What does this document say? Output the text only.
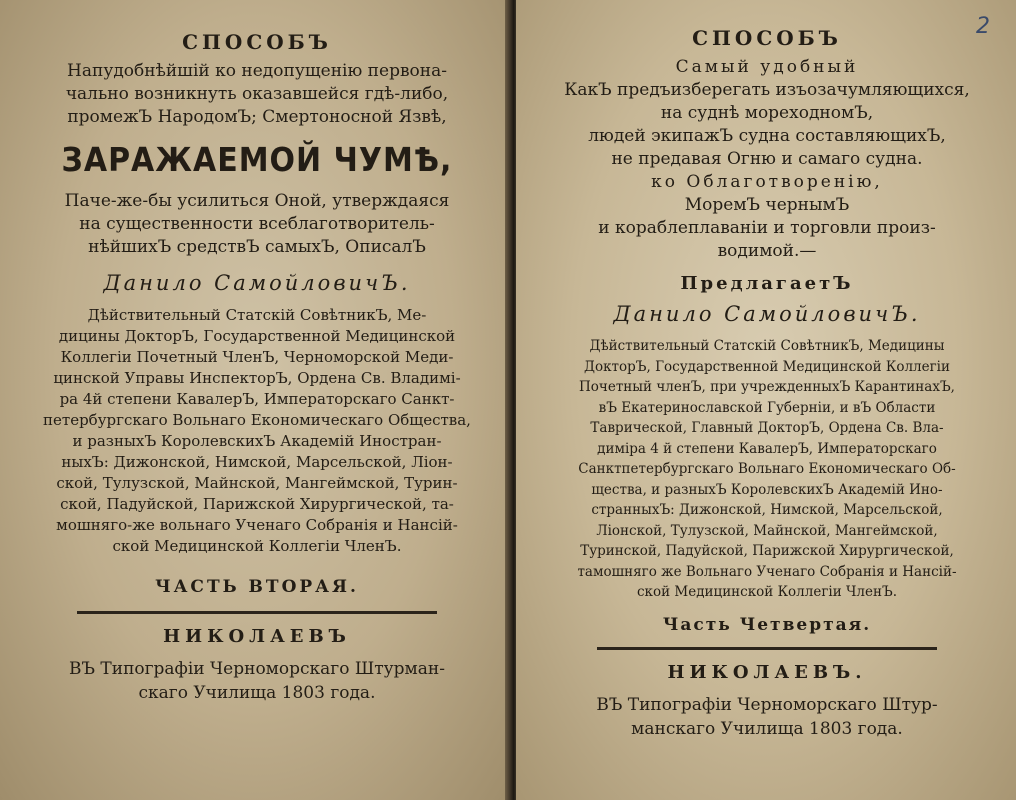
СПОСОБЪ
Напудобнѣйшій ко недопущенію первона-
чально возникнуть оказавшейся гдѣ-либо,
промежЪ НародомЪ; Смертоносной Язвѣ,
ЗАРАЖАЕМОЙ ЧУМѢ,
Паче-же-бы усилиться Оной, утверждаяся
на существенности всеблаготворитель-
нѣйшихЪ средствЪ самыхЪ, ОписалЪ
Данило СамойловичЪ.
Дѣйствительный Статскій СовѣтникЪ, Ме-
дицины ДокторЪ, Государственной Медицинской
Коллегіи Почетный ЧленЪ, Черноморской Меди-
цинской Управы ИнспекторЪ, Ордена Св. Владимі-
ра 4й степени КавалерЪ, Императорскаго Санкт-
петербургскаго Вольнаго Економическаго Общества,
и разныхЪ КоролевскихЪ Академій Иностран-
ныхЪ: Дижонской, Нимской, Марсельской, Ліон-
ской, Тулузской, Майнской, Мангеймской, Турин-
ской, Падуйской, Парижской Хирургической, та-
мошняго-же вольнаго Ученаго Собранія и Нансій-
ской Медицинской Коллегіи ЧленЪ.
ЧАСТЬ ВТОРАЯ.
НИКОЛАЕВЪ
ВЪ Типографіи Черноморскаго Штурман-
скаго Училища 1803 года.
2
СПОСОБЪ
Самый удобный
КакЪ предъизберегать изъозачумляющихся,
на суднѣ мореходномЪ,
людей экипажЪ судна составляющихЪ,
не предавая Огню и самаго судна.
ко Облаготворенію,
МоремЪ чернымЪ
и кораблеплаваніи и торговли произ-
водимой.—
ПредлагаетЪ
Данило СамойловичЪ.
Дѣйствительный Статскій СовѣтникЪ, Медицины
ДокторЪ, Государственной Медицинской Коллегіи
Почетный членЪ, при учрежденныхЪ КарантинахЪ,
вЪ Екатеринославской Губерніи, и вЪ Области
Таврической, Главный ДокторЪ, Ордена Св. Вла-
диміра 4 й степени КавалерЪ, Императорскаго
Санктпетербургскаго Вольнаго Економическаго Об-
щества, и разныхЪ КоролевскихЪ Академій Ино-
странныхЪ: Дижонской, Нимской, Марсельской,
Ліонской, Тулузской, Майнской, Мангеймской,
Туринской, Падуйской, Парижской Хирургической,
тамошняго же Вольнаго Ученаго Собранія и Нансій-
ской Медицинской Коллегіи ЧленЪ.
Часть Четвертая.
НИКОЛАЕВЪ.
ВЪ Типографіи Черноморскаго Штур-
манскаго Училища 1803 года.
